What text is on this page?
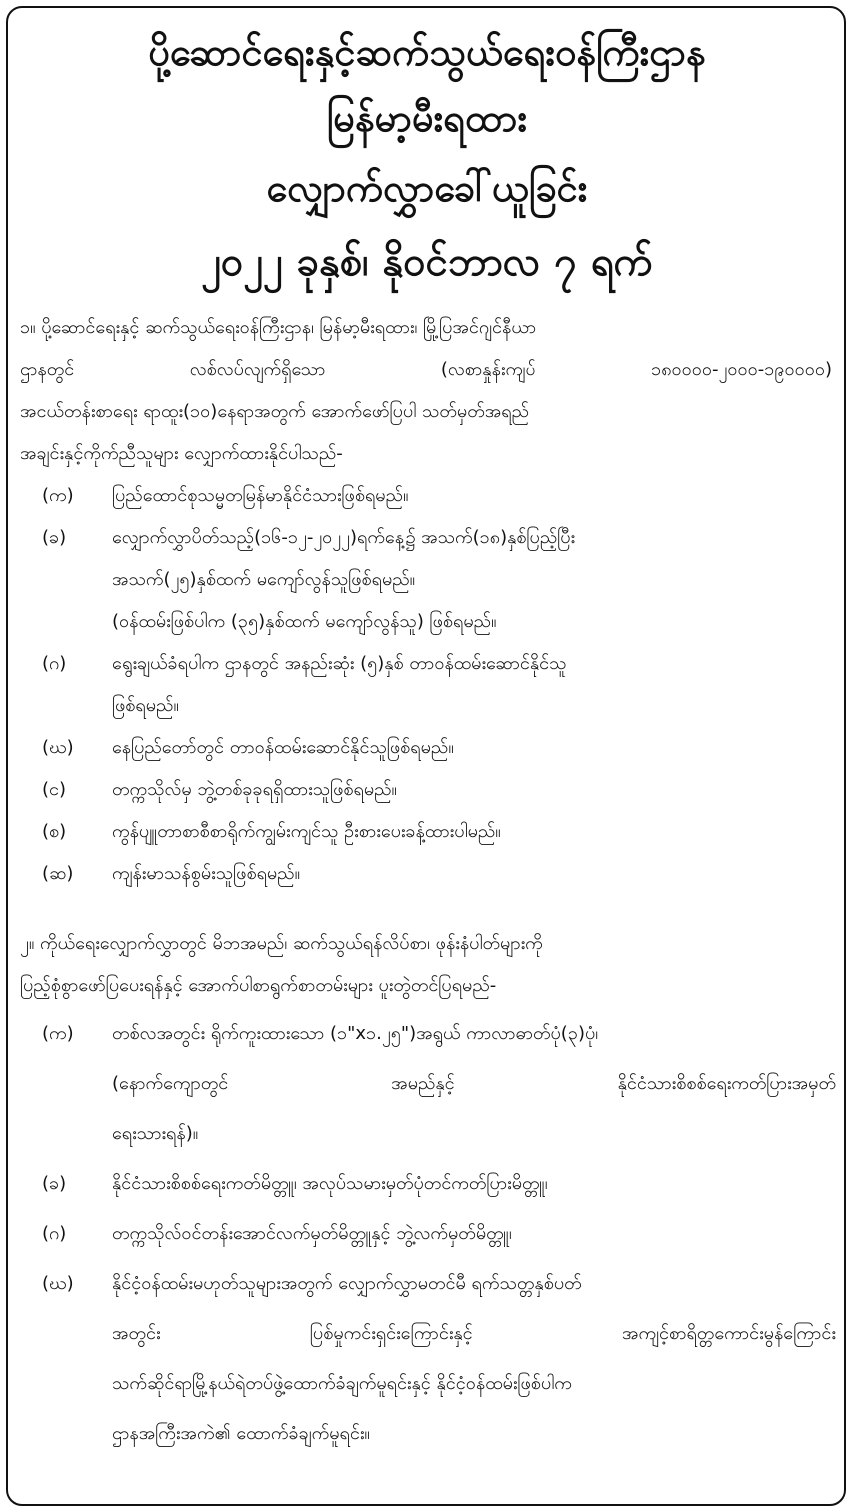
ပို့ဆောင်ရေးနှင့်ဆက်သွယ်ရေးဝန်ကြီးဌာန
မြန်မာ့မီးရထား
လျှောက်လွှာခေါ်ယူခြင်း
၂၀၂၂ ခုနှစ်၊ နိုဝင်ဘာလ ၇ ရက်
၁။ ပို့ဆောင်ရေးနှင့် ဆက်သွယ်ရေးဝန်ကြီးဌာန၊ မြန်မာ့မီးရထား၊ မြို့ပြအင်ဂျင်နီယာ
ဌာနတွင် လစ်လပ်လျက်ရှိသော (လစာနှုန်းကျပ် ၁၈၀၀၀၀-၂၀၀၀-၁၉၀၀၀၀)
အငယ်တန်းစာရေး ရာထူး(၁၀)နေရာအတွက် အောက်ဖော်ပြပါ သတ်မှတ်အရည်
အချင်းနှင့်ကိုက်ညီသူများ လျှောက်ထားနိုင်ပါသည်-
(က)	ပြည်ထောင်စုသမ္မတမြန်မာနိုင်ငံသားဖြစ်ရမည်။
(ခ)	လျှောက်လွှာပိတ်သည့်(၁၆-၁၂-၂၀၂၂)ရက်နေ့၌ အသက်(၁၈)နှစ်ပြည့်ပြီး
အသက်(၂၅)နှစ်ထက် မကျော်လွန်သူဖြစ်ရမည်။
(ဝန်ထမ်းဖြစ်ပါက (၃၅)နှစ်ထက် မကျော်လွန်သူ) ဖြစ်ရမည်။
(ဂ)	ရွေးချယ်ခံရပါက ဌာနတွင် အနည်းဆုံး (၅)နှစ် တာဝန်ထမ်းဆောင်နိုင်သူ
ဖြစ်ရမည်။
(ဃ)	နေပြည်တော်တွင် တာဝန်ထမ်းဆောင်နိုင်သူဖြစ်ရမည်။
(င)	တက္ကသိုလ်မှ ဘွဲ့တစ်ခုခုရရှိထားသူဖြစ်ရမည်။
(စ)	ကွန်ပျူတာစာစီစာရိုက်ကျွမ်းကျင်သူ ဦးစားပေးခန့်ထားပါမည်။
(ဆ)	ကျန်းမာသန်စွမ်းသူဖြစ်ရမည်။
၂။ ကိုယ်ရေးလျှောက်လွှာတွင် မိဘအမည်၊ ဆက်သွယ်ရန်လိပ်စာ၊ ဖုန်းနံပါတ်များကို
ပြည့်စုံစွာဖော်ပြပေးရန်နှင့် အောက်ပါစာရွက်စာတမ်းများ ပူးတွဲတင်ပြရမည်-
(က)	တစ်လအတွင်း ရိုက်ကူးထားသော (၁"x၁.၂၅")အရွယ် ကာလာဓာတ်ပုံ(၃)ပုံ၊
(နောက်ကျောတွင် အမည်နှင့် နိုင်ငံသားစိစစ်ရေးကတ်ပြားအမှတ်
ရေးသားရန်)။
(ခ)	နိုင်ငံသားစိစစ်ရေးကတ်မိတ္တူ၊ အလုပ်သမားမှတ်ပုံတင်ကတ်ပြားမိတ္တူ၊
(ဂ)	တက္ကသိုလ်ဝင်တန်းအောင်လက်မှတ်မိတ္တူနှင့် ဘွဲ့လက်မှတ်မိတ္တူ၊
(ဃ)	နိုင်ငံ့ဝန်ထမ်းမဟုတ်သူများအတွက် လျှောက်လွှာမတင်မီ ရက်သတ္တနှစ်ပတ်
အတွင်း ပြစ်မှုကင်းရှင်းကြောင်းနှင့် အကျင့်စာရိတ္တကောင်းမွန်ကြောင်း
သက်ဆိုင်ရာမြို့နယ်ရဲတပ်ဖွဲ့ထောက်ခံချက်မူရင်းနှင့် နိုင်ငံ့ဝန်ထမ်းဖြစ်ပါက
ဌာနအကြီးအကဲ၏ ထောက်ခံချက်မူရင်း။
